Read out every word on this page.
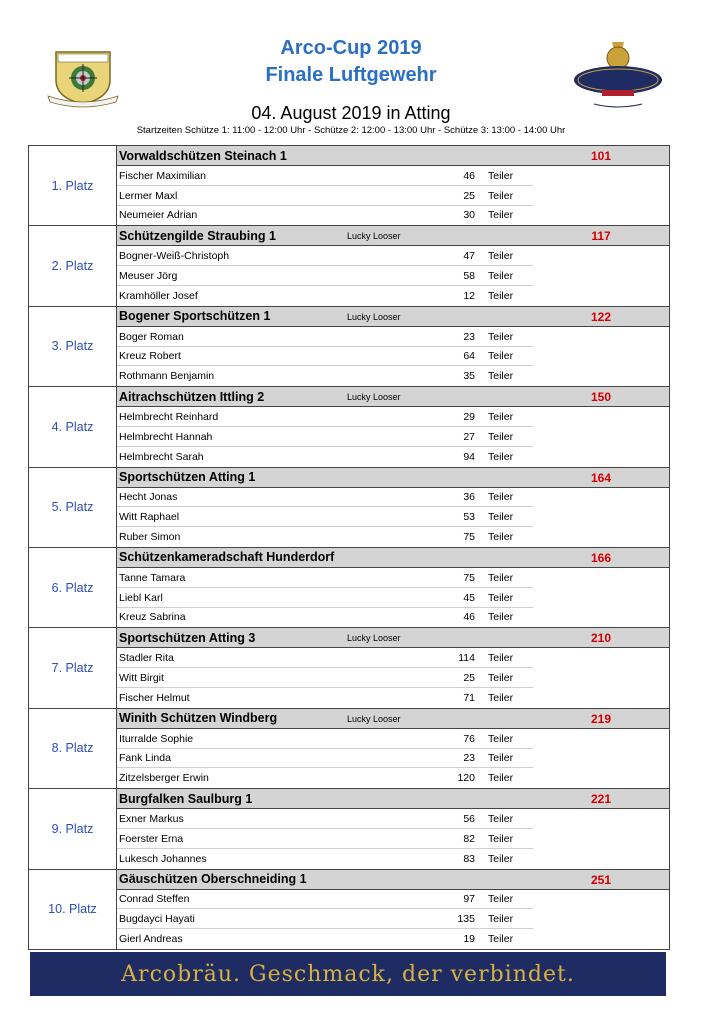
Arco-Cup 2019
Finale Luftgewehr
04. August 2019 in Atting
Startzeiten Schütze 1: 11:00 - 12:00 Uhr - Schütze 2: 12:00 - 13:00 Uhr - Schütze 3: 13:00 - 14:00 Uhr
1. Platz
Vorwaldschützen Steinach 1	101
Fischer Maximilian	46 Teiler
Lermer Maxl	25 Teiler
Neumeier Adrian	30 Teiler
2. Platz
Schützengilde Straubing 1	Lucky Looser	117
Bogner-Weiß-Christoph	47 Teiler
Meuser Jörg	58 Teiler
Kramhöller Josef	12 Teiler
3. Platz
Bogener Sportschützen 1	Lucky Looser	122
Boger Roman	23 Teiler
Kreuz Robert	64 Teiler
Rothmann Benjamin	35 Teiler
4. Platz
Aitrachschützen Ittling 2	Lucky Looser	150
Helmbrecht Reinhard	29 Teiler
Helmbrecht Hannah	27 Teiler
Helmbrecht Sarah	94 Teiler
5. Platz
Sportschützen Atting 1	164
Hecht Jonas	36 Teiler
Witt Raphael	53 Teiler
Ruber Simon	75 Teiler
6. Platz
Schützenkameradschaft Hunderdorf	166
Tanne Tamara	75 Teiler
Liebl Karl	45 Teiler
Kreuz Sabrina	46 Teiler
7. Platz
Sportschützen Atting 3	Lucky Looser	210
Stadler Rita	114 Teiler
Witt Birgit	25 Teiler
Fischer Helmut	71 Teiler
8. Platz
Winith Schützen Windberg	Lucky Looser	219
Iturralde Sophie	76 Teiler
Fank Linda	23 Teiler
Zitzelsberger Erwin	120 Teiler
9. Platz
Burgfalken Saulburg 1	221
Exner Markus	56 Teiler
Foerster Erna	82 Teiler
Lukesch Johannes	83 Teiler
10. Platz
Gäuschützen Oberschneiding 1	251
Conrad Steffen	97 Teiler
Bugdayci Hayati	135 Teiler
Gierl Andreas	19 Teiler
Arcobräu. Geschmack, der verbindet.
